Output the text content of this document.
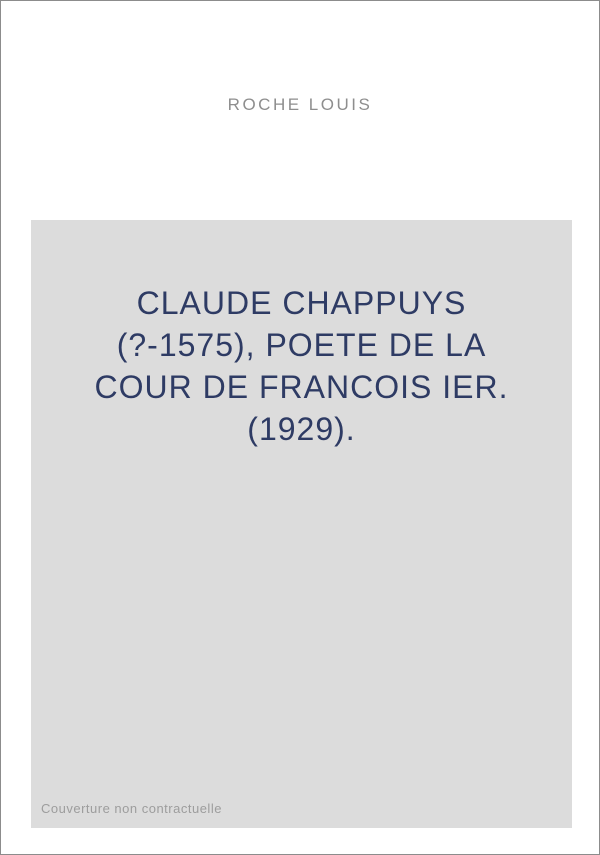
ROCHE LOUIS
CLAUDE CHAPPUYS
(?-1575), POETE DE LA
COUR DE FRANCOIS IER.
(1929).
Couverture non contractuelle
